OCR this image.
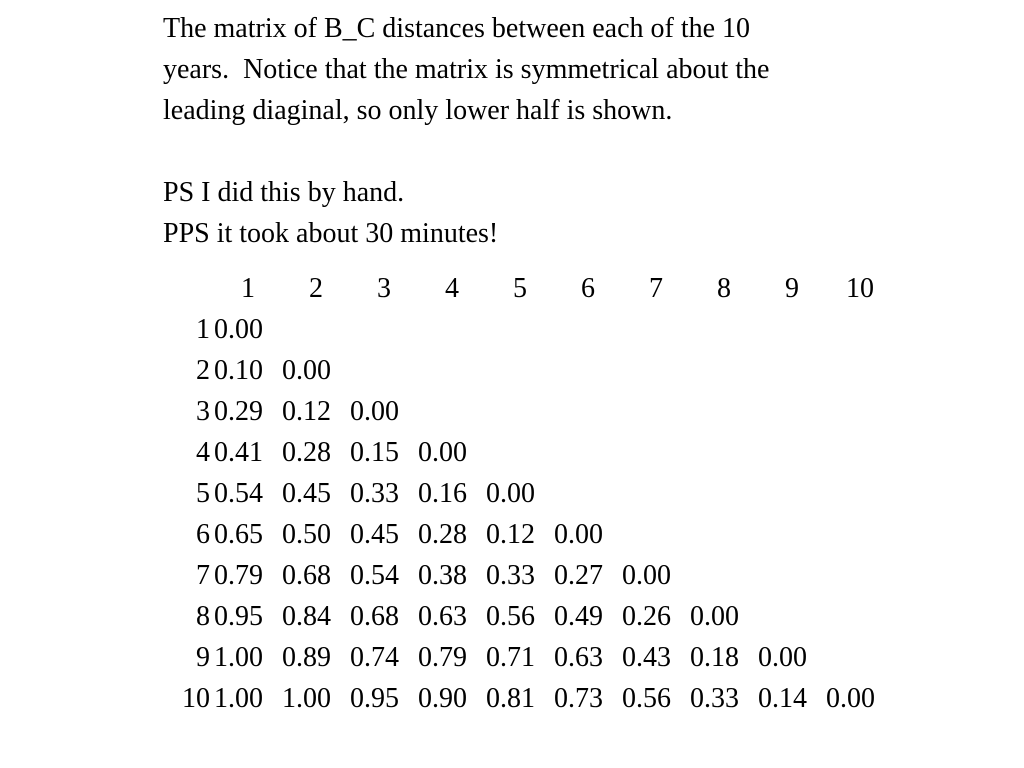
The matrix of B_C distances between each of the 10

years.  Notice that the matrix is symmetrical about the

leading diaginal, so only lower half is shown.

PS I did this by hand.

PPS it took about 30 minutes!

	1	2	3	4	5	6	7	8	9	10
1	0.00									
2	0.10	0.00								
3	0.29	0.12	0.00							
4	0.41	0.28	0.15	0.00						
5	0.54	0.45	0.33	0.16	0.00					
6	0.65	0.50	0.45	0.28	0.12	0.00				
7	0.79	0.68	0.54	0.38	0.33	0.27	0.00			
8	0.95	0.84	0.68	0.63	0.56	0.49	0.26	0.00		
9	1.00	0.89	0.74	0.79	0.71	0.63	0.43	0.18	0.00	
10	1.00	1.00	0.95	0.90	0.81	0.73	0.56	0.33	0.14	0.00
